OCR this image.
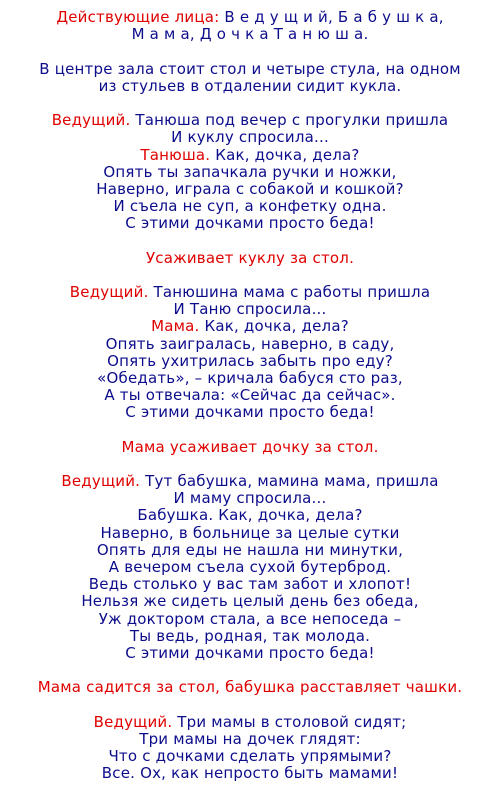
Действующие лица: В е д у щ и й, Б а б у ш к а,
М а м а, Д о ч к а Т а н ю ш а.
В центре зала стоит стол и четыре стула, на одном
из стульев в отдалении сидит кукла.
Ведущий. Танюша под вечер с прогулки пришла
И куклу спросила...
Танюша. Как, дочка, дела?
Опять ты запачкала ручки и ножки,
Наверно, играла с собакой и кошкой?
И съела не суп, а конфетку одна.
С этими дочками просто беда!
Усаживает куклу за стол.
Ведущий. Танюшина мама с работы пришла
И Таню спросила...
Мама. Как, дочка, дела?
Опять заигралась, наверно, в саду,
Опять ухитрилась забыть про еду?
«Обедать», – кричала бабуся сто раз,
А ты отвечала: «Сейчас да сейчас».
С этими дочками просто беда!
Мама усаживает дочку за стол.
Ведущий. Тут бабушка, мамина мама, пришла
И маму спросила...
Бабушка. Как, дочка, дела?
Наверно, в больнице за целые сутки
Опять для еды не нашла ни минутки,
А вечером съела сухой бутерброд.
Ведь столько у вас там забот и хлопот!
Нельзя же сидеть целый день без обеда,
Уж доктором стала, а все непоседа –
Ты ведь, родная, так молода.
С этими дочками просто беда!
Мама садится за стол, бабушка расставляет чашки.
Ведущий. Три мамы в столовой сидят;
Три мамы на дочек глядят:
Что с дочками сделать упрямыми?
Все. Ох, как непросто быть мамами!
